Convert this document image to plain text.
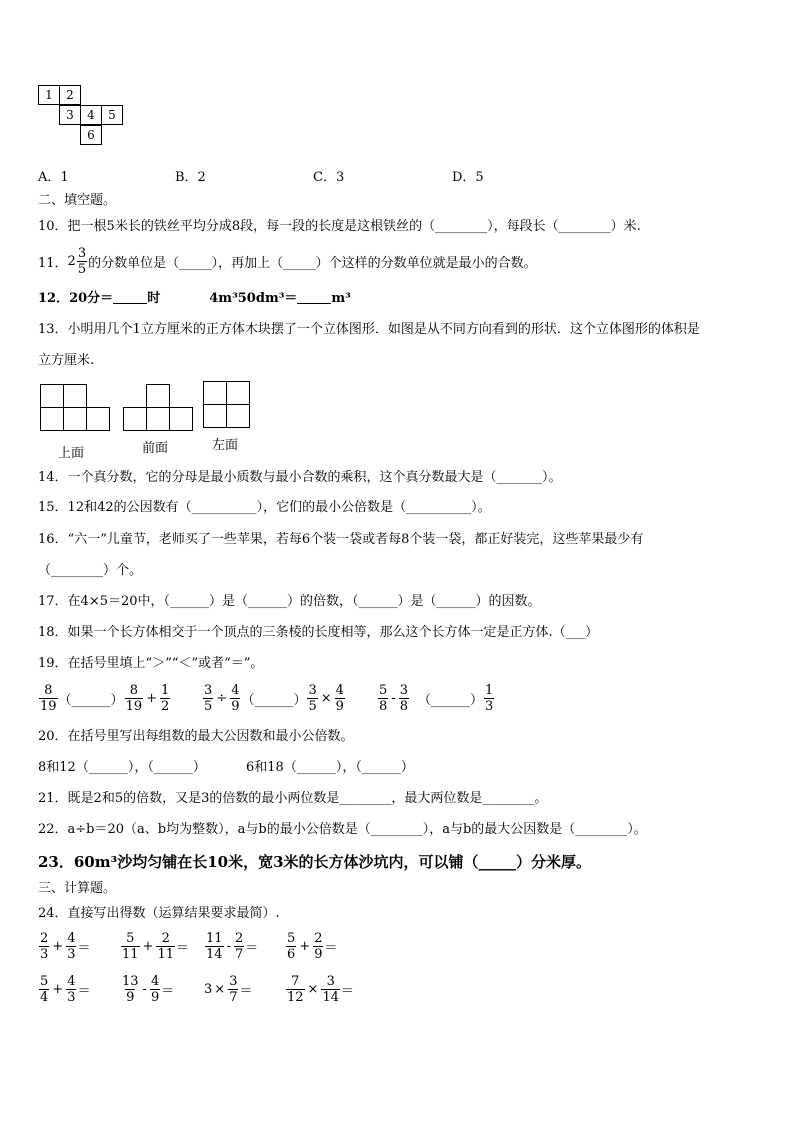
1	2
3	4	5
6
A．1	B．2	C．3	D．5
二、填空题。
10．把一根5米长的铁丝平均分成8段，每一段的长度是这根铁丝的（________），每段长（________）米.
11． $2 \frac{3}{5}$ 的分数单位是（_____），再加上（_____）个这样的分数单位就是最小的合数。
12．20分＝	时	4m³50dm³＝	m³
13．小明用几个1立方厘米的正方体木块摆了一个立体图形．如图是从不同方向看到的形状．这个立体图形的体积是
立方厘米.
上面	前面	左面
14．一个真分数，它的分母是最小质数与最小合数的乘积，这个真分数最大是（_______）。
15．12和42的公因数有（__________），它们的最小公倍数是（__________）。
16．“六一”儿童节，老师买了一些苹果，若每6个装一袋或者每8个装一袋，都正好装完，这些苹果最少有
（________）个。
17．在4×5＝20中，（______）是（______）的倍数，（______）是（______）的因数。
18．如果一个长方体相交于一个顶点的三条棱的长度相等，那么这个长方体一定是正方体.（___）
19．在括号里填上“＞”“＜”或者“＝”。
$\frac{8}{19}$ （______） $\frac{8}{19} + \frac{1}{2}$	$\frac{3}{5} \div \frac{4}{9}$ （______） $\frac{3}{5} \times \frac{4}{9}$	$\frac{5}{8} - \frac{3}{8}$ （______） $\frac{1}{3}$
20．在括号里写出每组数的最大公因数和最小公倍数。
8和12（______），（______）	6和18（______），（______）
21．既是2和5的倍数，又是3的倍数的最小两位数是________，最大两位数是________。
22．a÷b＝20（a、b均为整数），a与b的最小公倍数是（________），a与b的最大公因数是（________）。
23．60m³沙均匀铺在长10米，宽3米的长方体沙坑内，可以铺（_____）分米厚。
三、计算题。
24．直接写出得数（运算结果要求最简）.
$\frac{2}{3} + \frac{4}{3} = \frac{5}{11} + \frac{2}{11} = \frac{11}{14} - \frac{2}{7} = \frac{5}{6} + \frac{2}{9}$ ＝
$\frac{5}{4} + \frac{4}{3} = \frac{13}{9} - \frac{4}{9} = 3 \times \frac{3}{7}$ ＝	$\frac{7}{12} \times \frac{3}{14}$ ＝
